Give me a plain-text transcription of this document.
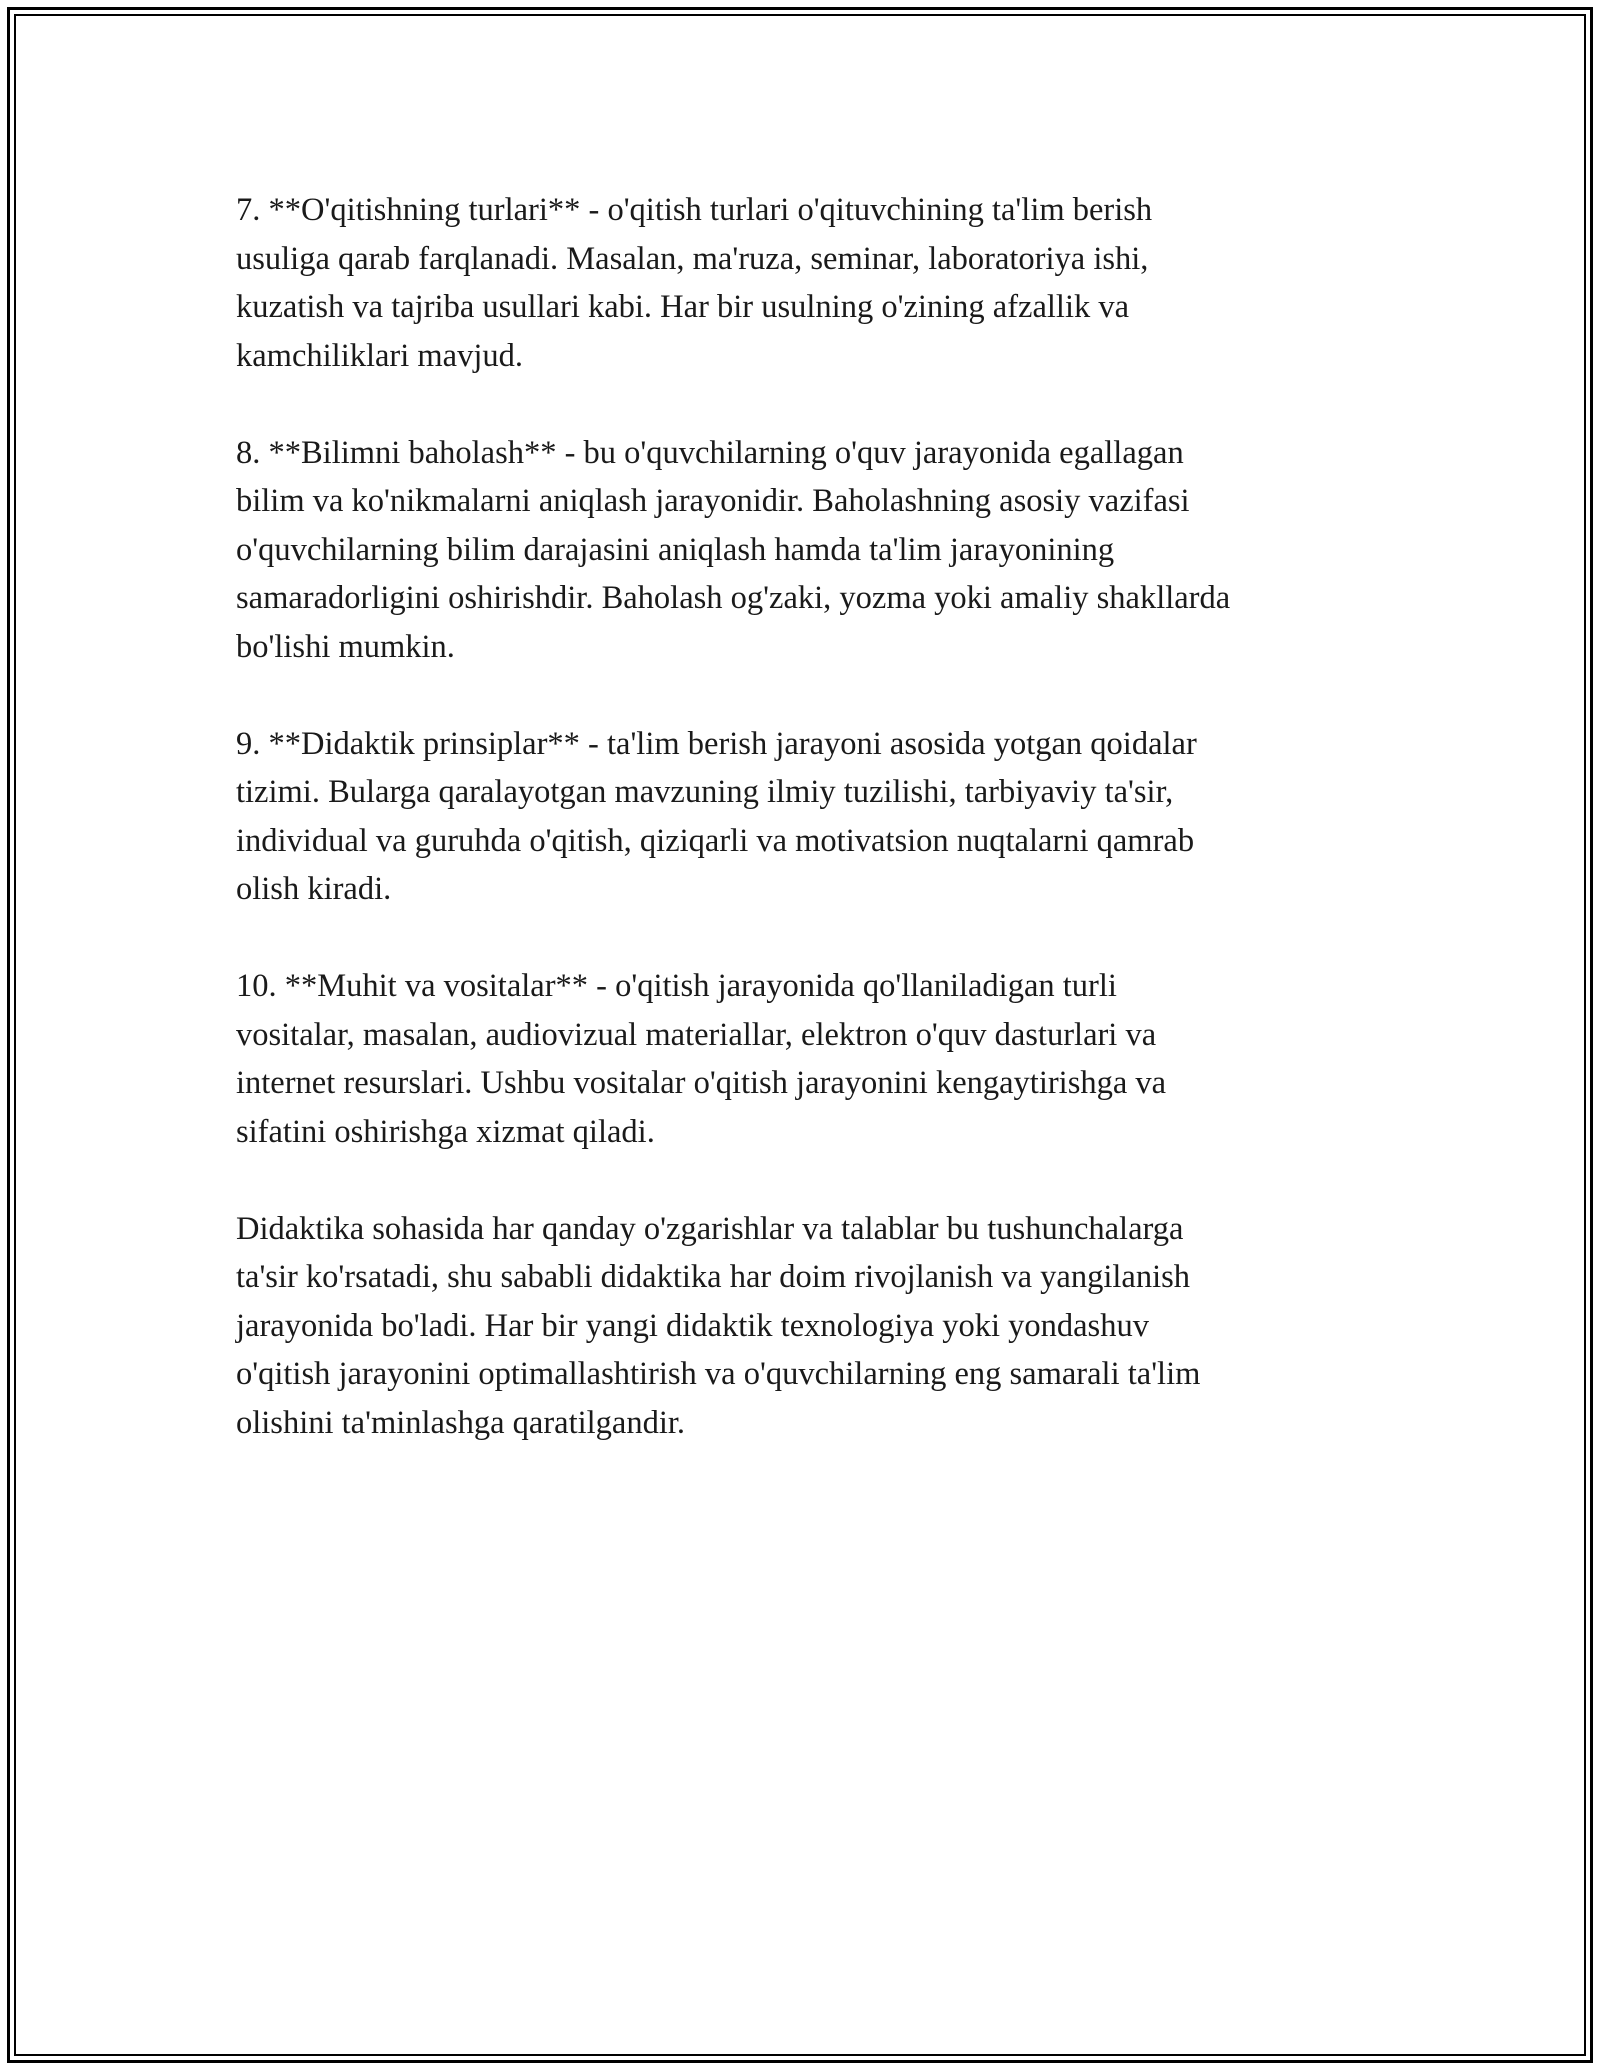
7. **O'qitishning turlari** - o'qitish turlari o'qituvchining ta'lim berish
usuliga qarab farqlanadi. Masalan, ma'ruza, seminar, laboratoriya ishi,
kuzatish va tajriba usullari kabi. Har bir usulning o'zining afzallik va
kamchiliklari mavjud.

8. **Bilimni baholash** - bu o'quvchilarning o'quv jarayonida egallagan
bilim va ko'nikmalarni aniqlash jarayonidir. Baholashning asosiy vazifasi
o'quvchilarning bilim darajasini aniqlash hamda ta'lim jarayonining
samaradorligini oshirishdir. Baholash og'zaki, yozma yoki amaliy shakllarda
bo'lishi mumkin.

9. **Didaktik prinsiplar** - ta'lim berish jarayoni asosida yotgan qoidalar
tizimi. Bularga qaralayotgan mavzuning ilmiy tuzilishi, tarbiyaviy ta'sir,
individual va guruhda o'qitish, qiziqarli va motivatsion nuqtalarni qamrab
olish kiradi.

10. **Muhit va vositalar** - o'qitish jarayonida qo'llaniladigan turli
vositalar, masalan, audiovizual materiallar, elektron o'quv dasturlari va
internet resurslari. Ushbu vositalar o'qitish jarayonini kengaytirishga va
sifatini oshirishga xizmat qiladi.

Didaktika sohasida har qanday o'zgarishlar va talablar bu tushunchalarga
ta'sir ko'rsatadi, shu sababli didaktika har doim rivojlanish va yangilanish
jarayonida bo'ladi. Har bir yangi didaktik texnologiya yoki yondashuv
o'qitish jarayonini optimallashtirish va o'quvchilarning eng samarali ta'lim
olishini ta'minlashga qaratilgandir.
